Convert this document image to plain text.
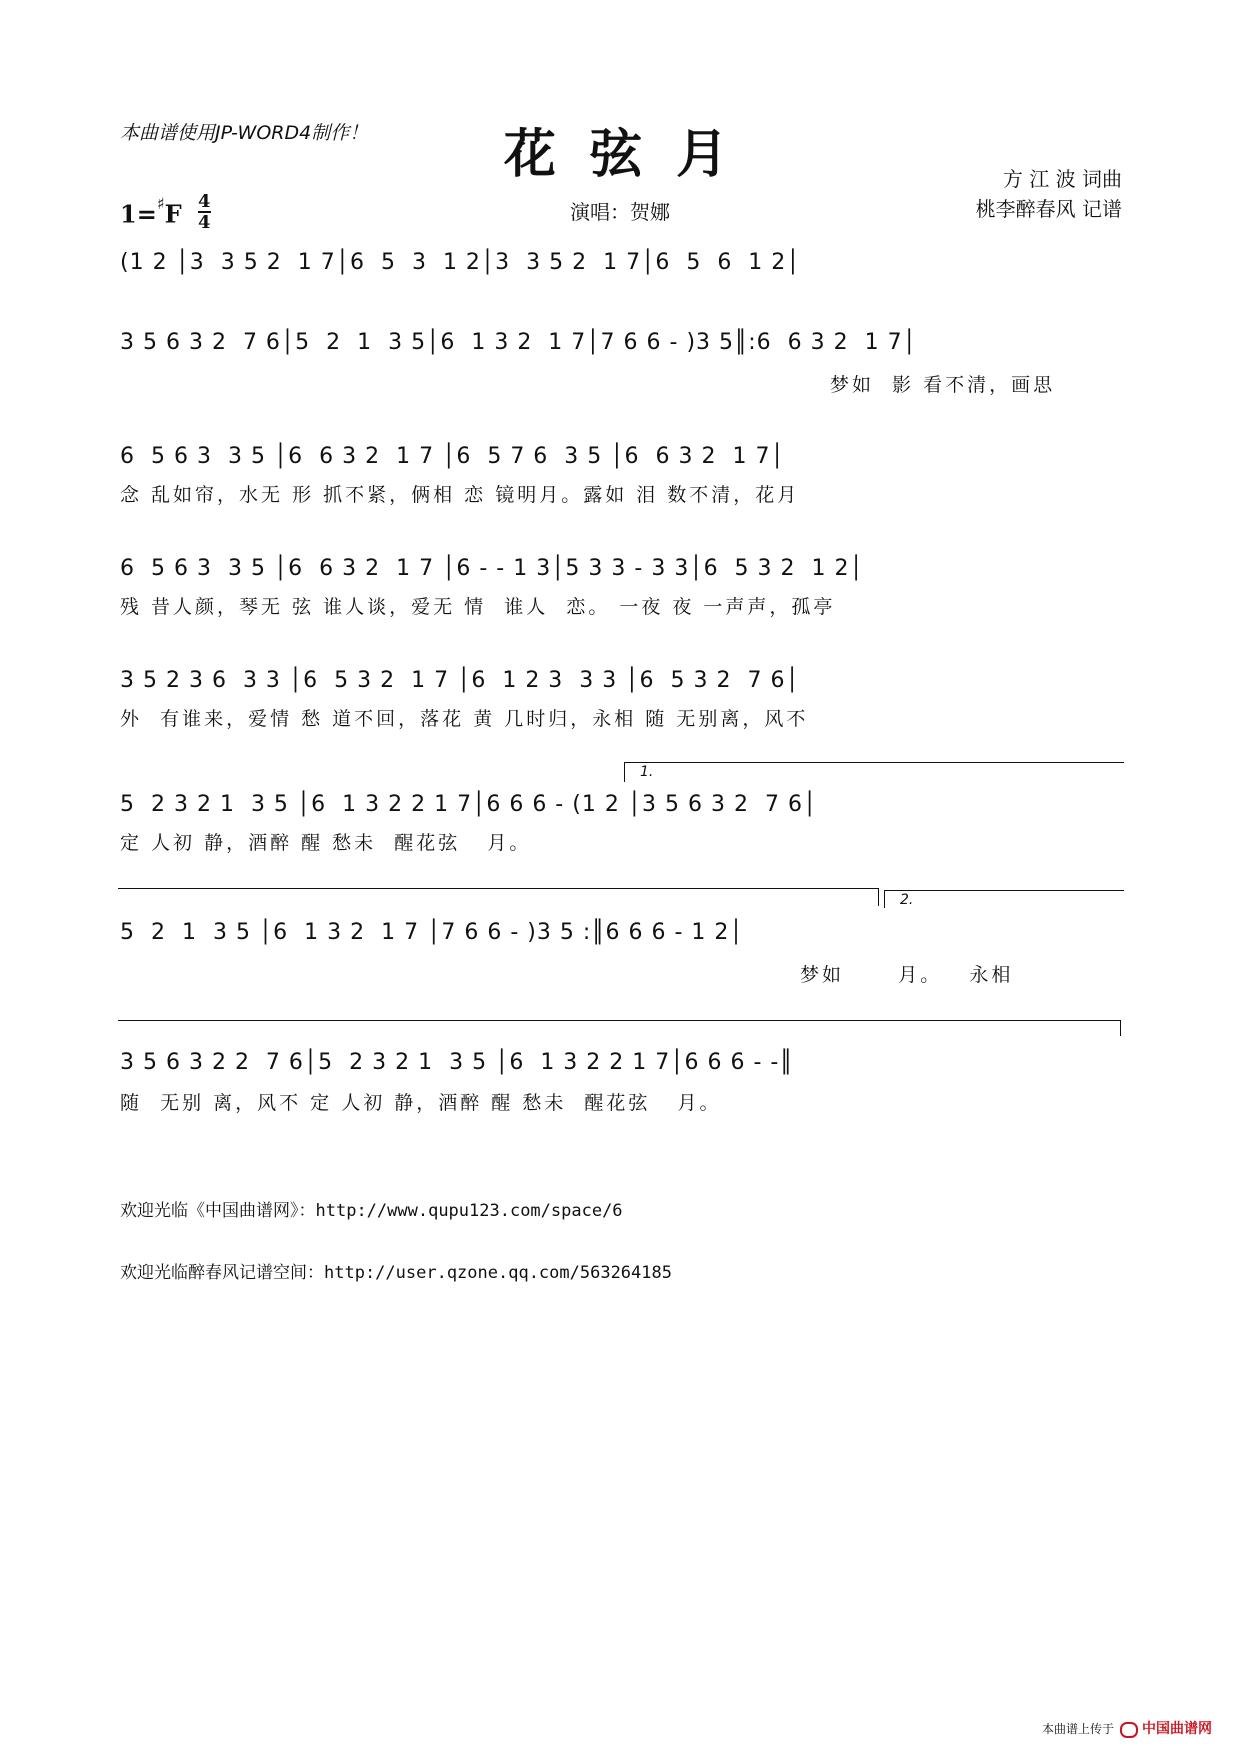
本曲谱使用JP-WORD4制作！	花 弦 月	方 江 波 词曲
桃李醉春风 记谱
$1=^♯F \frac{4}{4}$	演唱：贺娜
(1 2 │3  3 5 2  1 7│6  5  3  1 2│3  3 5 2  1 7│6  5  6  1 2│
3 5 6 3 2  7 6│5  2  1  3 5│6  1 3 2  1 7│7 6 6 - )3 5║:6  6 3 2  1 7│
梦如  影 看不清，画思
6  5 6 3  3 5 │6  6 3 2  1 7 │6  5 7 6  3 5 │6  6 3 2  1 7│
念 乱如帘，水无 形 抓不紧，俩相 恋 镜明月。露如 泪 数不清，花月
6  5 6 3  3 5 │6  6 3 2  1 7 │6 - - 1 3│5 3 3 - 3 3│6  5 3 2  1 2│
残 昔人颜，琴无 弦 谁人谈，爱无 情  谁人  恋。 一夜 夜 一声声，孤亭
3 5 2 3 6  3 3 │6  5 3 2  1 7 │6  1 2 3  3 3 │6  5 3 2  7 6│
外  有谁来，爱情 愁 道不回，落花 黄 几时归，永相 随 无别离，风不
1.
5  2 3 2 1  3 5 │6  1 3 2 2 1 7│6 6 6 - (1 2 │3 5 6 3 2  7 6│
定 人初 静，酒醉 醒 愁未  醒花弦   月。
2.
5  2  1  3 5 │6  1 3 2  1 7 │7 6 6 - )3 5 :║6 6 6 - 1 2│
梦如      月。   永相
3 5 6 3 2 2  7 6│5  2 3 2 1  3 5 │6  1 3 2 2 1 7│6 6 6 - -║
随  无别 离，风不 定 人初 静，酒醉 醒 愁未  醒花弦   月。
欢迎光临《中国曲谱网》：http://www.qupu123.com/space/6
欢迎光临醉春风记谱空间：http://user.qzone.qq.com/563264185
本曲谱上传于 中国曲谱网
